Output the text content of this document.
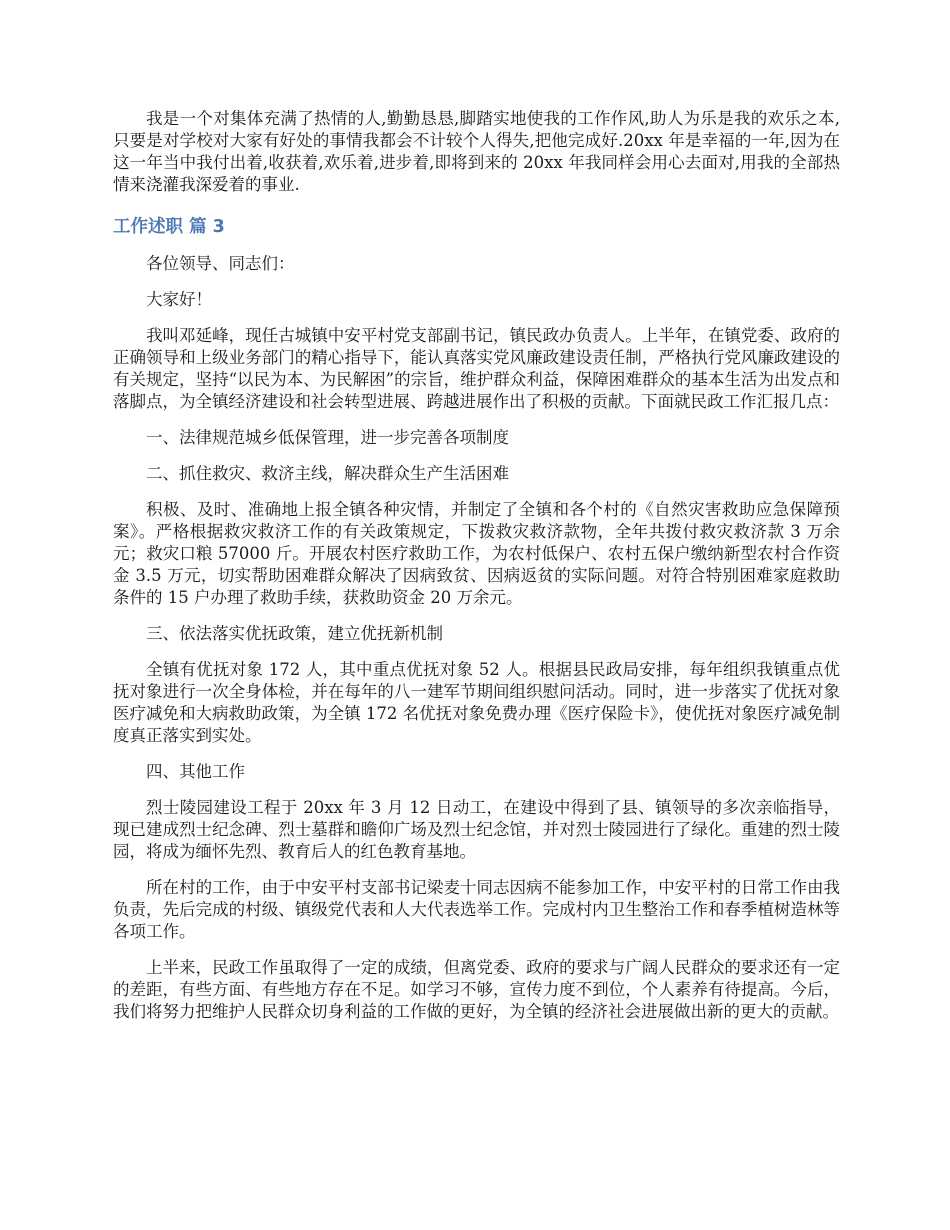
我是一个对集体充满了热情的人,勤勤恳恳,脚踏实地使我的工作作风,助人为乐是我的欢乐之本,只要是对学校对大家有好处的事情我都会不计较个人得失,把他完成好.20xx 年是幸福的一年,因为在这一年当中我付出着,收获着,欢乐着,进步着,即将到来的 20xx 年我同样会用心去面对,用我的全部热情来浇灌我深爱着的事业.

工作述职 篇 3

各位领导、同志们：

大家好！

我叫邓延峰，现任古城镇中安平村党支部副书记，镇民政办负责人。上半年，在镇党委、政府的正确领导和上级业务部门的精心指导下，能认真落实党风廉政建设责任制，严格执行党风廉政建设的有关规定，坚持“以民为本、为民解困”的宗旨，维护群众利益，保障困难群众的基本生活为出发点和落脚点，为全镇经济建设和社会转型进展、跨越进展作出了积极的贡献。下面就民政工作汇报几点：

一、法律规范城乡低保管理，进一步完善各项制度

二、抓住救灾、救济主线，解决群众生产生活困难

积极、及时、准确地上报全镇各种灾情，并制定了全镇和各个村的《自然灾害救助应急保障预案》。严格根据救灾救济工作的有关政策规定，下拨救灾救济款物，全年共拨付救灾救济款 3 万余元；救灾口粮 57000 斤。开展农村医疗救助工作，为农村低保户、农村五保户缴纳新型农村合作资金 3.5 万元，切实帮助困难群众解决了因病致贫、因病返贫的实际问题。对符合特别困难家庭救助条件的 15 户办理了救助手续，获救助资金 20 万余元。

三、依法落实优抚政策，建立优抚新机制

全镇有优抚对象 172 人，其中重点优抚对象 52 人。根据县民政局安排，每年组织我镇重点优抚对象进行一次全身体检，并在每年的八一建军节期间组织慰问活动。同时，进一步落实了优抚对象医疗减免和大病救助政策，为全镇 172 名优抚对象免费办理《医疗保险卡》，使优抚对象医疗减免制度真正落实到实处。

四、其他工作

烈士陵园建设工程于 20xx 年 3 月 12 日动工，在建设中得到了县、镇领导的多次亲临指导，现已建成烈士纪念碑、烈士墓群和瞻仰广场及烈士纪念馆，并对烈士陵园进行了绿化。重建的烈士陵园，将成为缅怀先烈、教育后人的红色教育基地。

所在村的工作，由于中安平村支部书记梁麦十同志因病不能参加工作，中安平村的日常工作由我负责，先后完成的村级、镇级党代表和人大代表选举工作。完成村内卫生整治工作和春季植树造林等各项工作。

上半来，民政工作虽取得了一定的成绩，但离党委、政府的要求与广阔人民群众的要求还有一定的差距，有些方面、有些地方存在不足。如学习不够，宣传力度不到位，个人素养有待提高。今后，我们将努力把维护人民群众切身利益的工作做的更好，为全镇的经济社会进展做出新的更大的贡献。
